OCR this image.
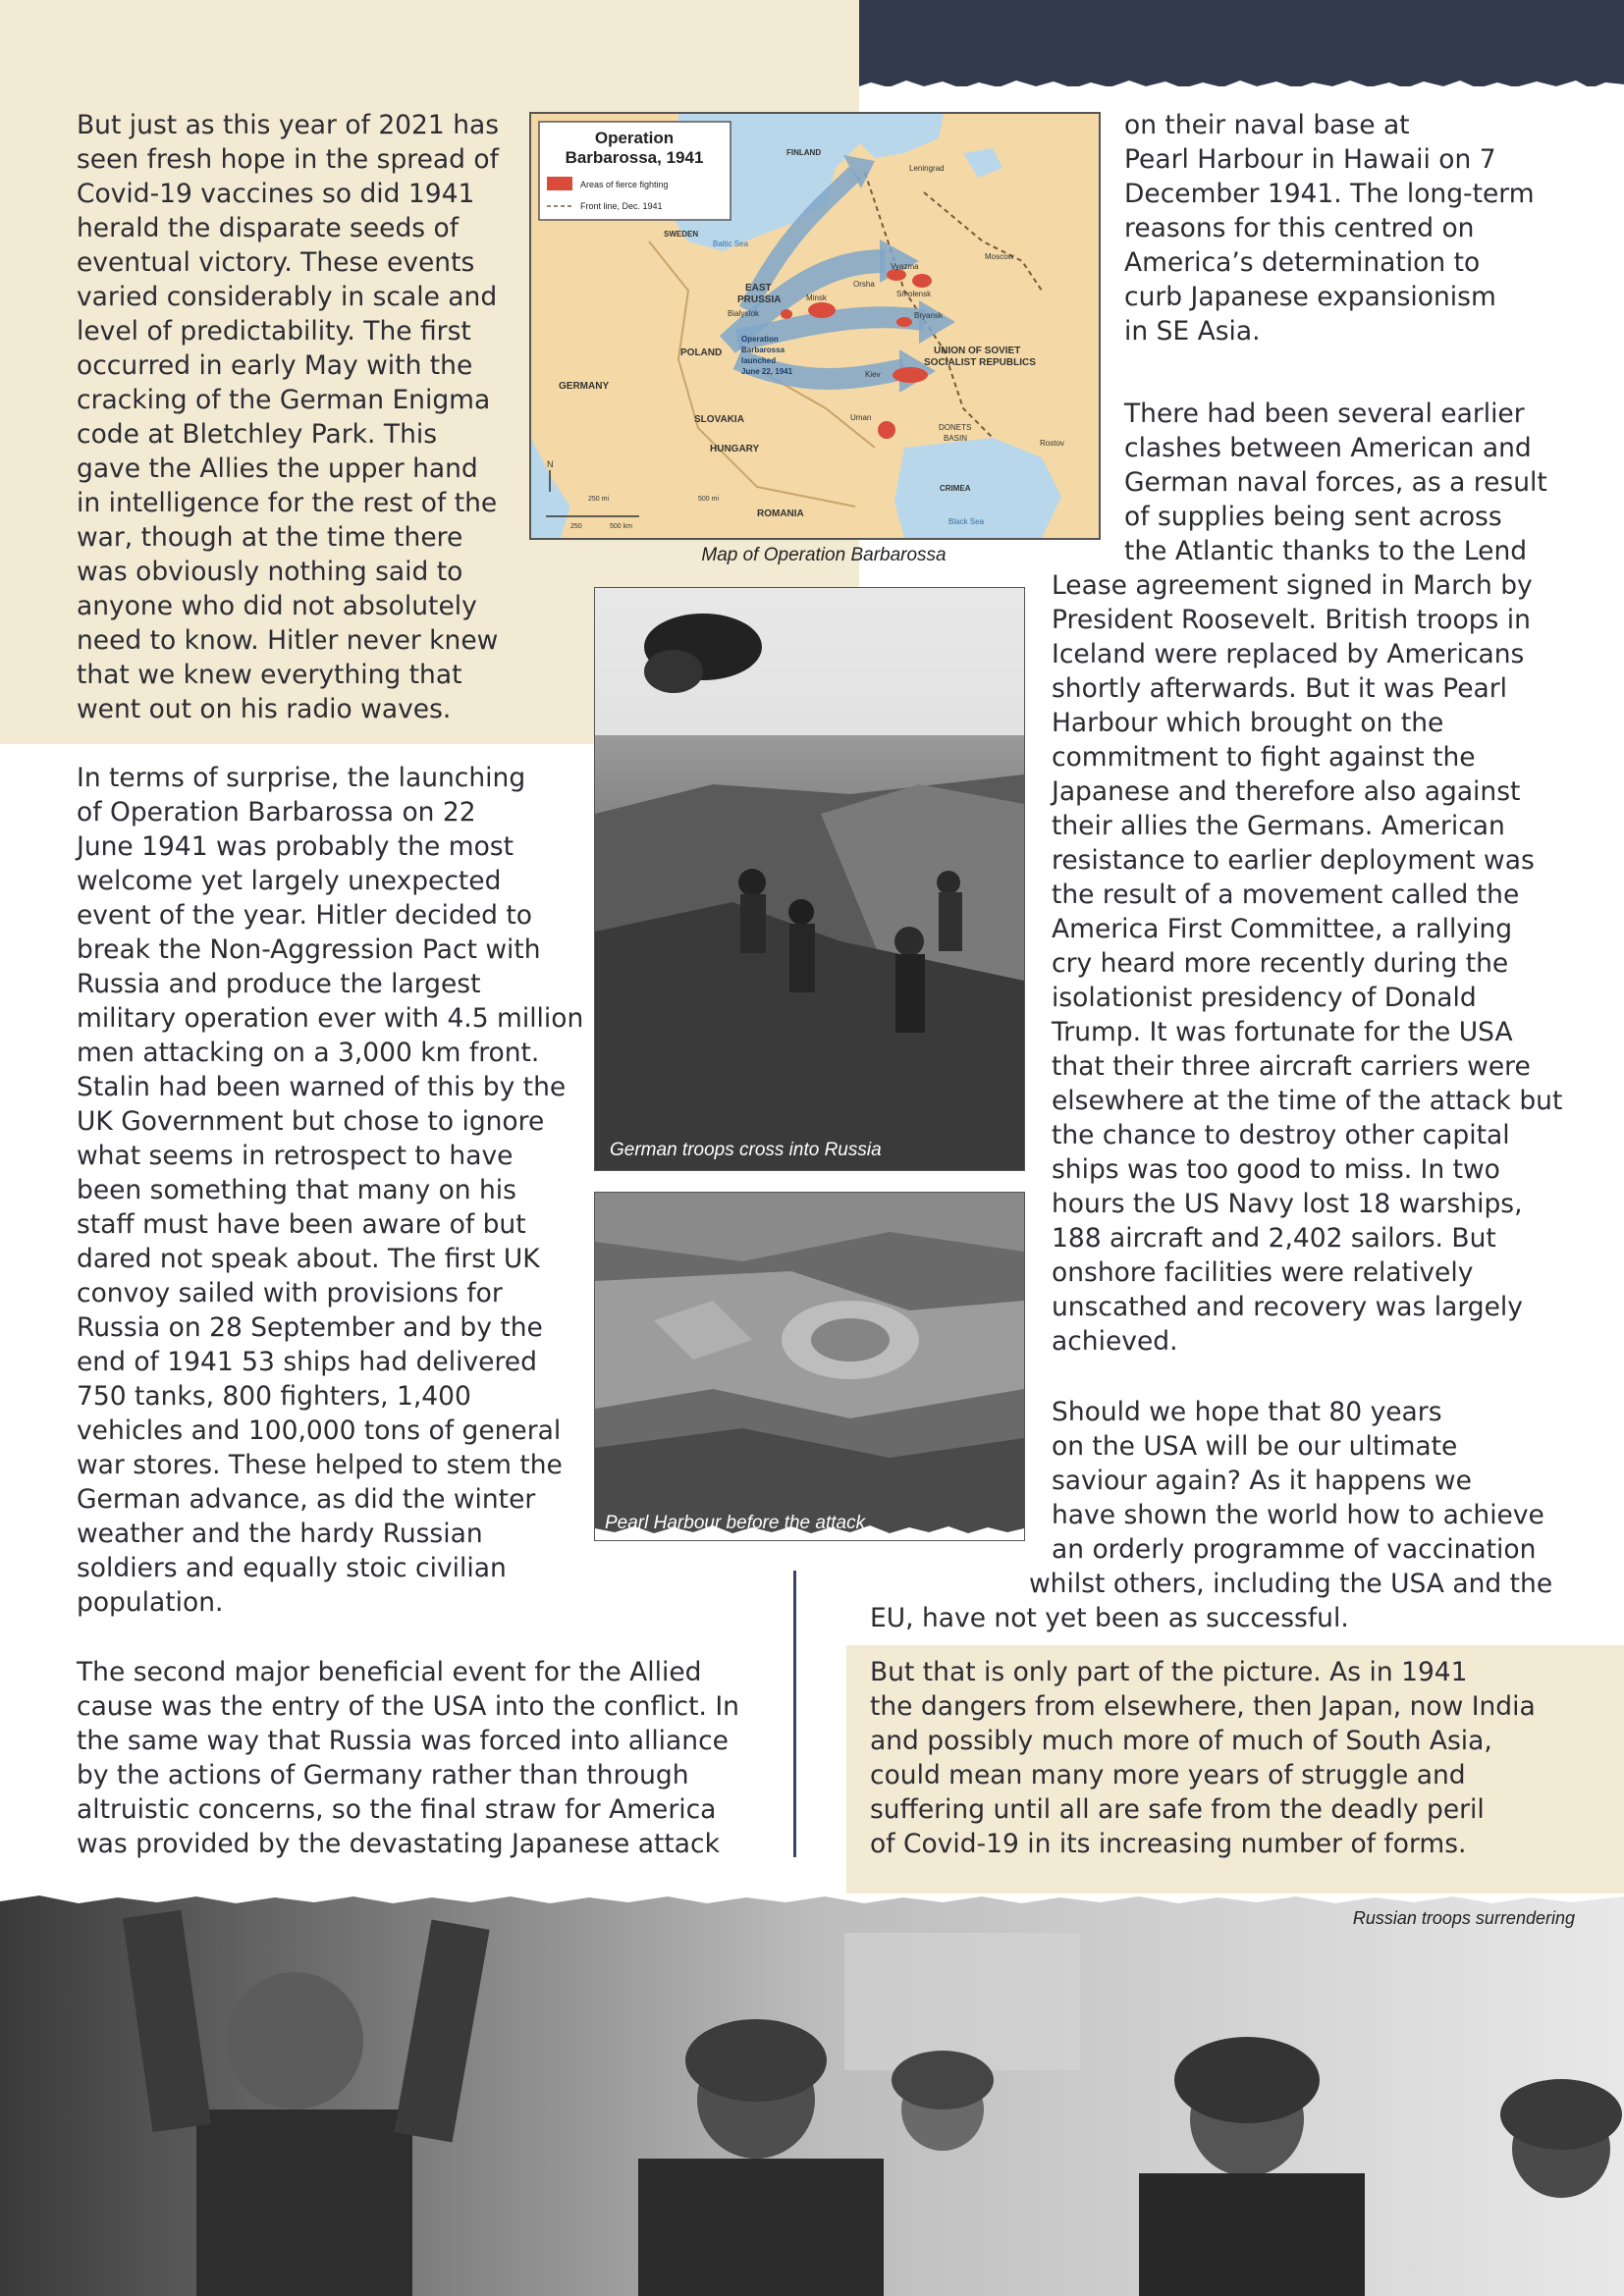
But just as this year of 2021 has
seen fresh hope in the spread of
Covid-19 vaccines so did 1941
herald the disparate seeds of
eventual victory. These events
varied considerably in scale and
level of predictability. The first
occurred in early May with the
cracking of the German Enigma
code at Bletchley Park. This
gave the Allies the upper hand
in intelligence for the rest of the
war, though at the time there
was obviously nothing said to
anyone who did not absolutely
need to know. Hitler never knew
that we knew everything that
went out on his radio waves.
In terms of surprise, the launching
of Operation Barbarossa on 22
June 1941 was probably the most
welcome yet largely unexpected
event of the year. Hitler decided to
break the Non-Aggression Pact with
Russia and produce the largest
military operation ever with 4.5 million
men attacking on a 3,000 km front.
Stalin had been warned of this by the
UK Government but chose to ignore
what seems in retrospect to have
been something that many on his
staff must have been aware of but
dared not speak about. The first UK
convoy sailed with provisions for
Russia on 28 September and by the
end of 1941 53 ships had delivered
750 tanks, 800 fighters, 1,400
vehicles and 100,000 tons of general
war stores. These helped to stem the
German advance, as did the winter
weather and the hardy Russian
soldiers and equally stoic civilian
population.
The second major beneficial event for the Allied
cause was the entry of the USA into the conflict. In
the same way that Russia was forced into alliance
by the actions of Germany rather than through
altruistic concerns, so the final straw for America
was provided by the devastating Japanese attack
on their naval base at
Pearl Harbour in Hawaii on 7
December 1941. The long-term
reasons for this centred on
America’s determination to
curb Japanese expansionism
in SE Asia.
There had been several earlier
clashes between American and
German naval forces, as a result
of supplies being sent across
the Atlantic thanks to the Lend
Lease agreement signed in March by
President Roosevelt. British troops in
Iceland were replaced by Americans
shortly afterwards. But it was Pearl
Harbour which brought on the
commitment to fight against the
Japanese and therefore also against
their allies the Germans. American
resistance to earlier deployment was
the result of a movement called the
America First Committee, a rallying
cry heard more recently during the
isolationist presidency of Donald
Trump. It was fortunate for the USA
that their three aircraft carriers were
elsewhere at the time of the attack but
the chance to destroy other capital
ships was too good to miss. In two
hours the US Navy lost 18 warships,
188 aircraft and 2,402 sailors. But
onshore facilities were relatively
unscathed and recovery was largely
achieved.
Should we hope that 80 years
on the USA will be our ultimate
saviour again? As it happens we
have shown the world how to achieve
an orderly programme of vaccination
whilst others, including the USA and the
EU, have not yet been as successful.
But that is only part of the picture. As in 1941
the dangers from elsewhere, then Japan, now India
and possibly much more of much of South Asia,
could mean many more years of struggle and
suffering until all are safe from the deadly peril
of Covid-19 in its increasing number of forms.
Operation
Barbarossa, 1941
Areas of fierce fighting
Front line, Dec. 1941
FINLAND
Leningrad
SWEDEN
Baltic Sea
EAST
PRUSSIA
Bialystok
Minsk
Orsha
Vyazma
Moscow
Smolensk
Bryansk
POLAND
Operation
Barbarossa
launched
June 22, 1941
UNION OF SOVIET
SOCIALIST REPUBLICS
GERMANY
Kiev
SLOVAKIA	Uman
DONETS
BASIN
Rostov
HUNGARY
CRIMEA
ROMANIA
Black Sea
250 mi	500 mi
250	500 km
N
Map of Operation Barbarossa
German troops cross into Russia
Pearl Harbour before the attack
Russian troops surrendering
